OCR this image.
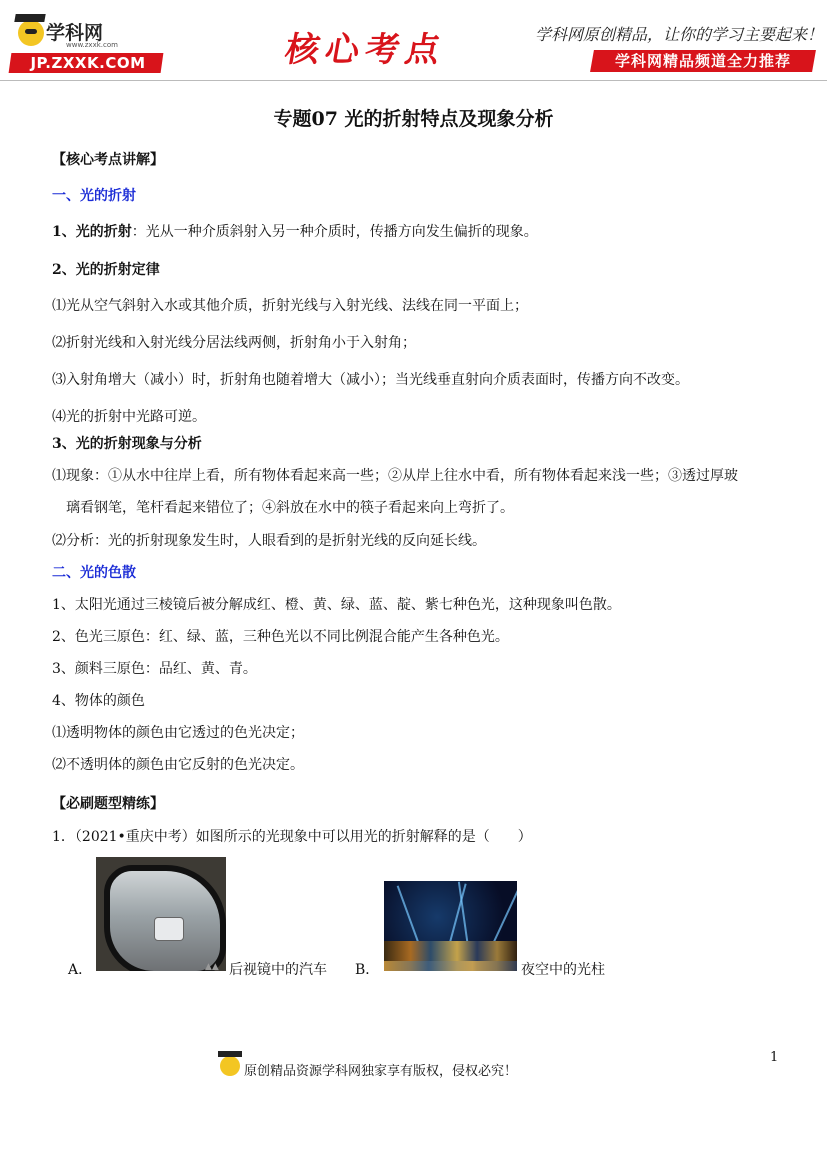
学科网
www.zxxk.com
JP.ZXXK.COM	核心考点	学科网原创精品，让你的学习主要起来！
学科网精品频道全力推荐
专题07 光的折射特点及现象分析
【核心考点讲解】
一、光的折射
1、光的折射：光从一种介质斜射入另一种介质时，传播方向发生偏折的现象。
2、光的折射定律
⑴光从空气斜射入水或其他介质，折射光线与入射光线、法线在同一平面上；
⑵折射光线和入射光线分居法线两侧，折射角小于入射角；
⑶入射角增大（减小）时，折射角也随着增大（减小）；当光线垂直射向介质表面时，传播方向不改变。
⑷光的折射中光路可逆。
3、光的折射现象与分析
⑴现象：①从水中往岸上看，所有物体看起来高一些；②从岸上往水中看，所有物体看起来浅一些；③透过厚玻
璃看钢笔，笔杆看起来错位了；④斜放在水中的筷子看起来向上弯折了。
⑵分析：光的折射现象发生时，人眼看到的是折射光线的反向延长线。
二、光的色散
1、太阳光通过三棱镜后被分解成红、橙、黄、绿、蓝、靛、紫七种色光，这种现象叫色散。
2、色光三原色：红、绿、蓝，三种色光以不同比例混合能产生各种色光。
3、颜料三原色：品红、黄、青。
4、物体的颜色
⑴透明物体的颜色由它透过的色光决定；
⑵不透明体的颜色由它反射的色光决定。
【必刷题型精练】
1．（2021•重庆中考）如图所示的光现象中可以用光的折射解释的是（　　）
A．	▲▲ 后视镜中的汽车 B．	夜空中的光柱
原创精品资源学科网独家享有版权，侵权必究！
1
